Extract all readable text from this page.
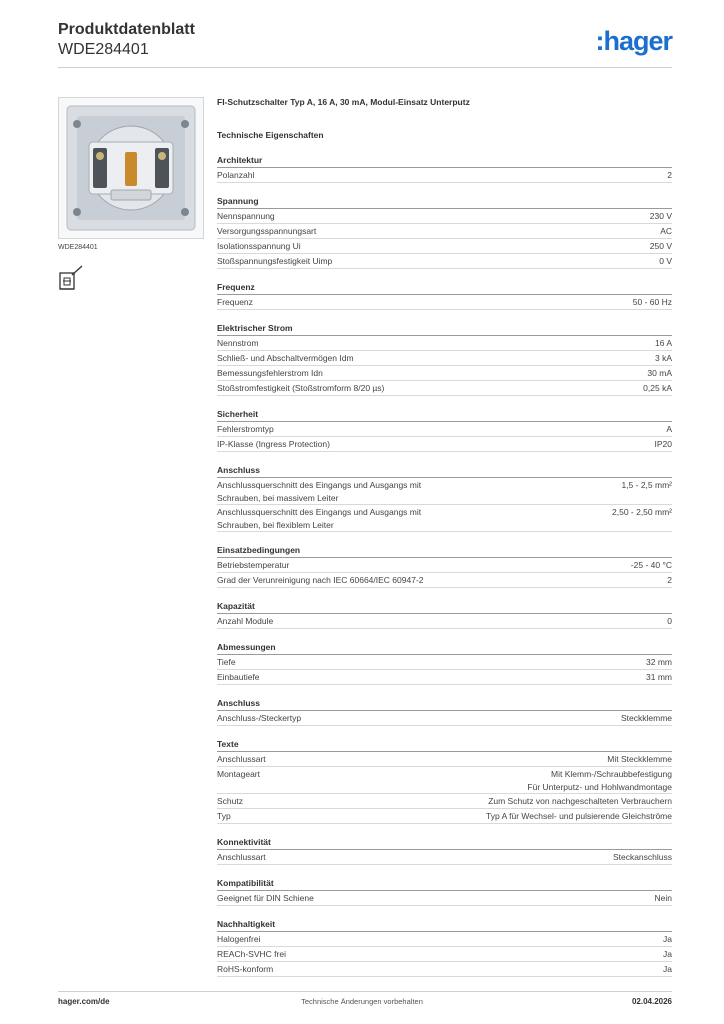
Produktdatenblatt
WDE284401	:hager
WDE284401
FI-Schutzschalter Typ A, 16 A, 30 mA, Modul-Einsatz Unterputz
Technische Eigenschaften
Architektur
Polanzahl	2
Spannung
Nennspannung	230 V
Versorgungsspannungsart	AC
Isolationsspannung Ui	250 V
Stoßspannungsfestigkeit Uimp	0 V
Frequenz
Frequenz	50 - 60 Hz
Elektrischer Strom
Nennstrom	16 A
Schließ- und Abschaltvermögen Idm	3 kA
Bemessungsfehlerstrom Idn	30 mA
Stoßstromfestigkeit (Stoßstromform 8/20 µs)	0,25 kA
Sicherheit
Fehlerstromtyp	A
IP-Klasse (Ingress Protection)	IP20
Anschluss
Anschlussquerschnitt des Eingangs und Ausgangs mit
Schrauben, bei massivem Leiter
1,5 - 2,5 mm²
Anschlussquerschnitt des Eingangs und Ausgangs mit
Schrauben, bei flexiblem Leiter
2,50 - 2,50 mm²
Einsatzbedingungen
Betriebstemperatur	-25 - 40 °C
Grad der Verunreinigung nach IEC 60664/IEC 60947-2	2
Kapazität
Anzahl Module	0
Abmessungen
Tiefe	32 mm
Einbautiefe	31 mm
Anschluss
Anschluss-/Steckertyp	Steckklemme
Texte
Anschlussart	Mit Steckklemme
Montageart	Mit Klemm-/Schraubbefestigung
Für Unterputz- und Hohlwandmontage
Schutz	Zum Schutz von nachgeschalteten Verbrauchern
Typ	Typ A für Wechsel- und pulsierende Gleichströme
Konnektivität
Anschlussart	Steckanschluss
Kompatibilität
Geeignet für DIN Schiene	Nein
Nachhaltigkeit
Halogenfrei	Ja
REACh-SVHC frei	Ja
RoHS-konform	Ja
hager.com/de	Technische Änderungen vorbehalten	02.04.2026
